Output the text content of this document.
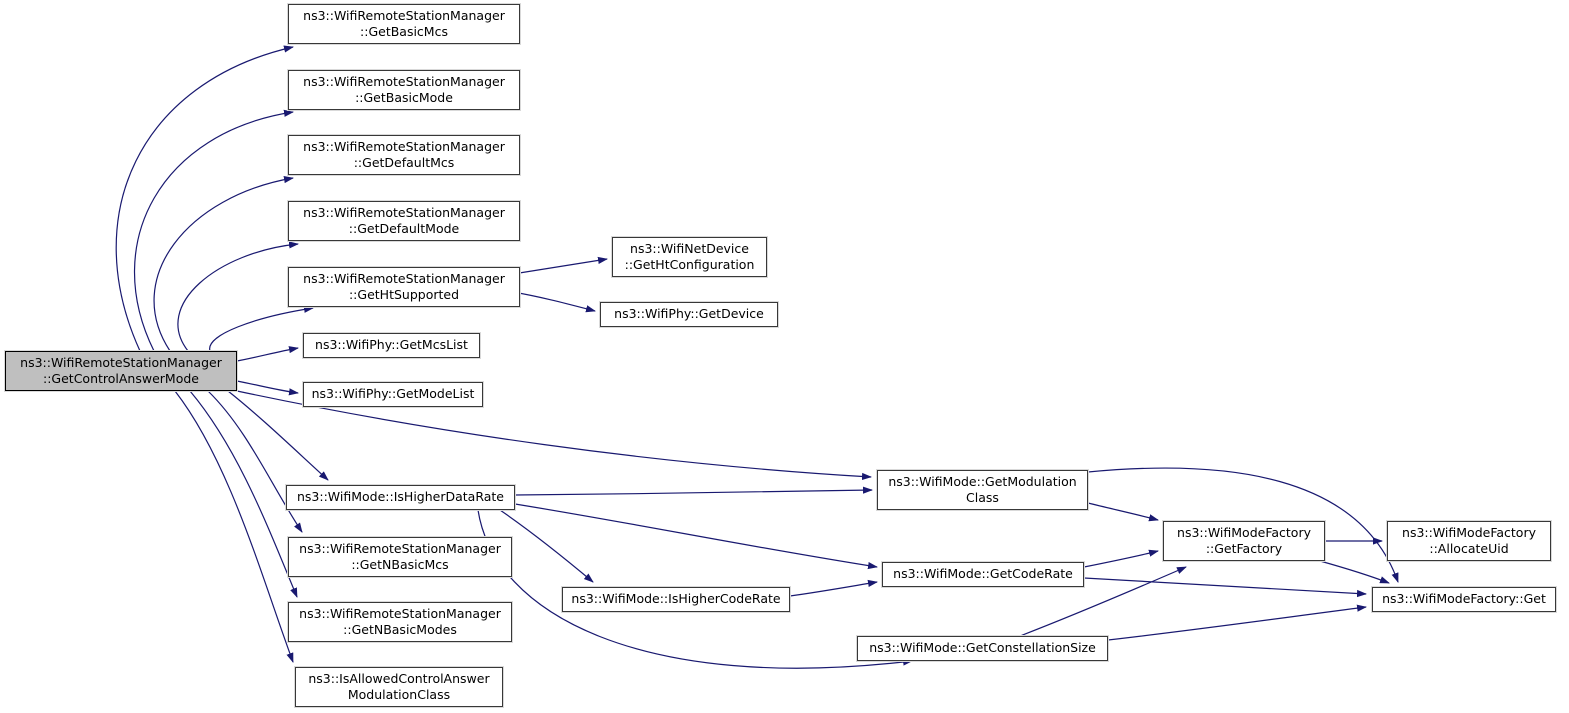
ns3::WifiRemoteStationManager
::GetBasicMcs
ns3::WifiRemoteStationManager
::GetBasicMode
ns3::WifiRemoteStationManager
::GetDefaultMcs
ns3::WifiRemoteStationManager
::GetDefaultMode
ns3::WifiRemoteStationManager
::GetHtSupported
ns3::WifiPhy::GetMcsList
ns3::WifiRemoteStationManager
::GetControlAnswerMode
ns3::WifiPhy::GetModeList
ns3::WifiMode::IsHigherDataRate
ns3::WifiRemoteStationManager
::GetNBasicMcs
ns3::WifiRemoteStationManager
::GetNBasicModes
ns3::IsAllowedControlAnswer
ModulationClass
ns3::WifiNetDevice
::GetHtConfiguration
ns3::WifiPhy::GetDevice
ns3::WifiMode::GetModulation
Class
ns3::WifiMode::GetCodeRate
ns3::WifiMode::IsHigherCodeRate
ns3::WifiMode::GetConstellationSize
ns3::WifiModeFactory
::GetFactory
ns3::WifiModeFactory
::AllocateUid
ns3::WifiModeFactory::Get
